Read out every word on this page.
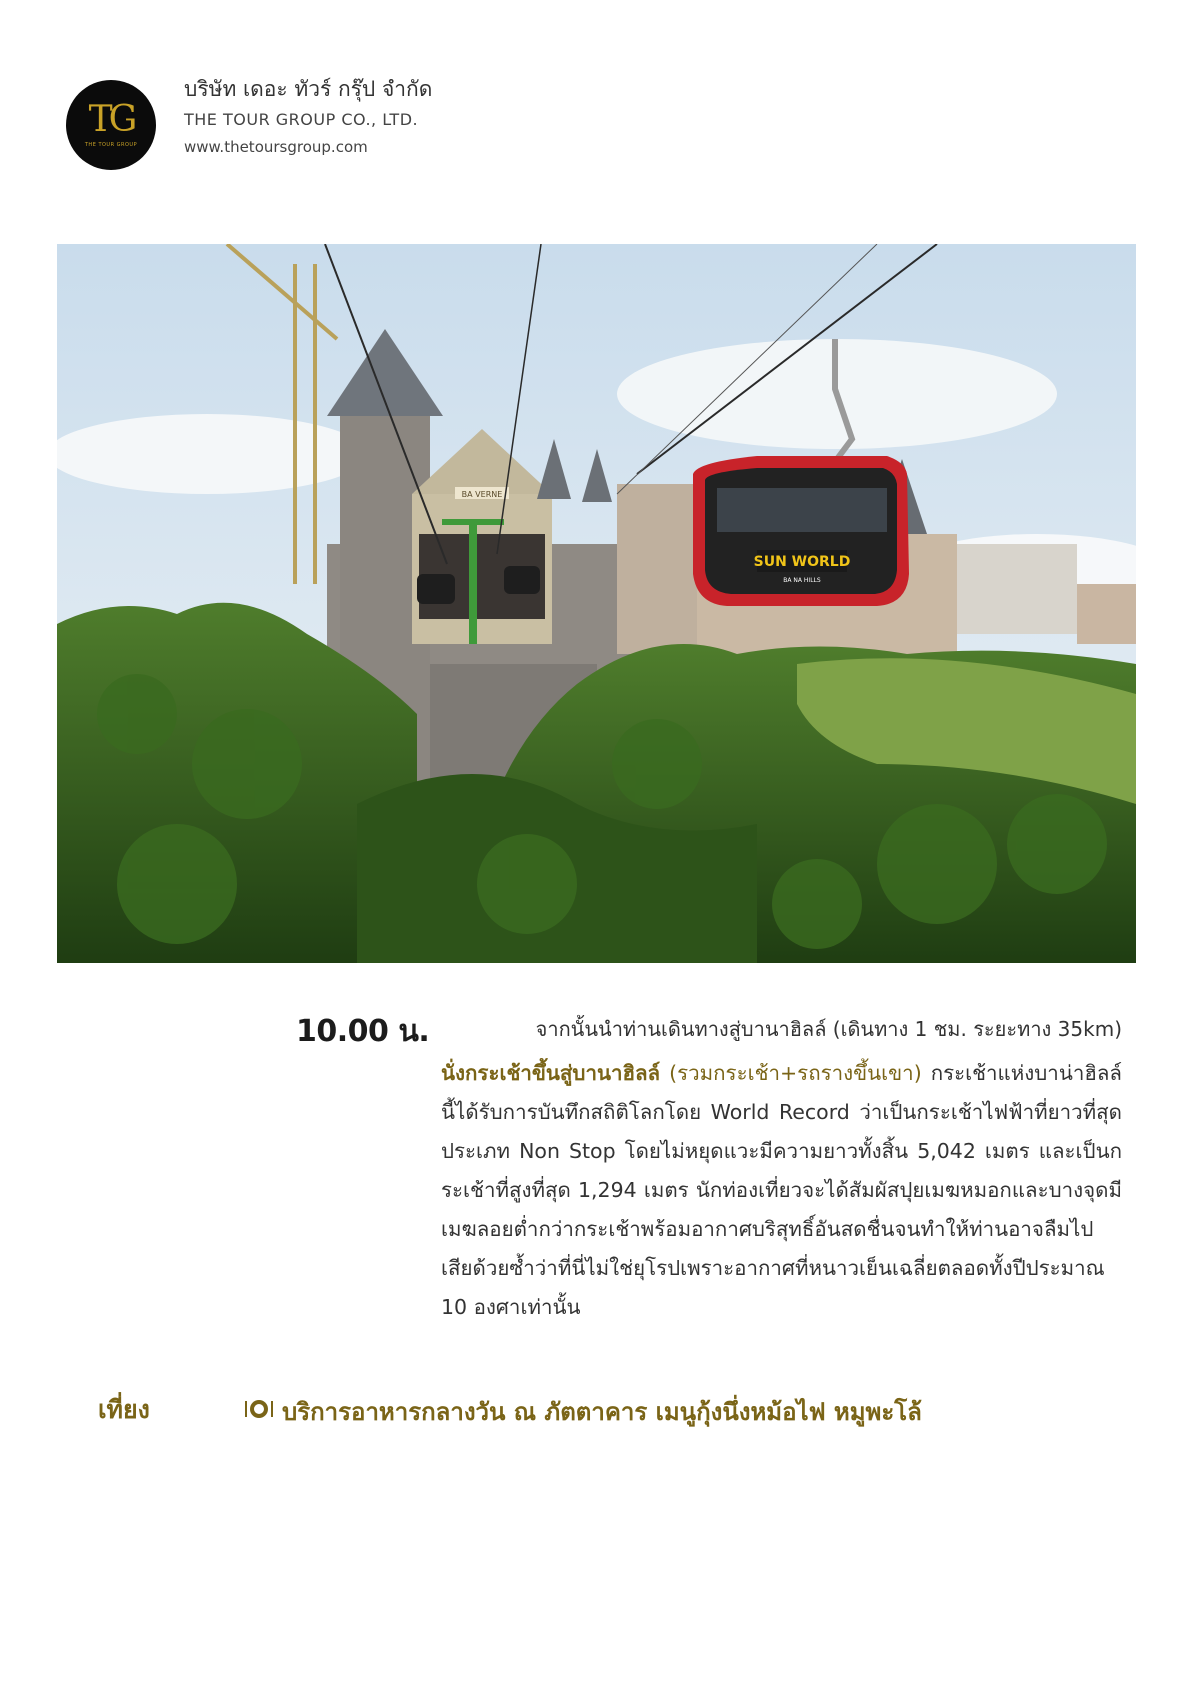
TG
THE TOUR GROUP
บริษัท เดอะ ทัวร์ กรุ๊ป จำกัด
THE TOUR GROUP CO., LTD.
www.thetoursgroup.com
BA VERNE
SUN WORLD
BA NA HILLS
10.00 น.	จากนั้นนำท่านเดินทางสู่บานาฮิลล์ (เดินทาง 1 ชม. ระยะทาง 35km)
นั่งกระเช้าขึ้นสู่บานาฮิลล์ (รวมกระเช้า+รถรางขึ้นเขา) กระเช้าแห่งบาน่าฮิลล์นี้ได้รับการบันทึกสถิติโลกโดย World Record ว่าเป็นกระเช้าไฟฟ้าที่ยาวที่สุด ประเภท Non Stop โดยไม่หยุดแวะมีความยาวทั้งสิ้น 5,042 เมตร และเป็นกระเช้าที่สูงที่สุด 1,294 เมตร นักท่องเที่ยวจะได้สัมผัสปุยเมฆหมอกและบางจุดมีเมฆลอยต่ำกว่ากระเช้าพร้อมอากาศบริสุทธิ์อันสดชื่นจนทำให้ท่านอาจลืมไปเสียด้วยซ้ำว่าที่นี่ไม่ใช่ยุโรปเพราะอากาศที่หนาวเย็นเฉลี่ยตลอดทั้งปีประมาณ 10 องศาเท่านั้น
เที่ยง	บริการอาหารกลางวัน ณ ภัตตาคาร เมนูกุ้งนึ่งหม้อไฟ หมูพะโล้
